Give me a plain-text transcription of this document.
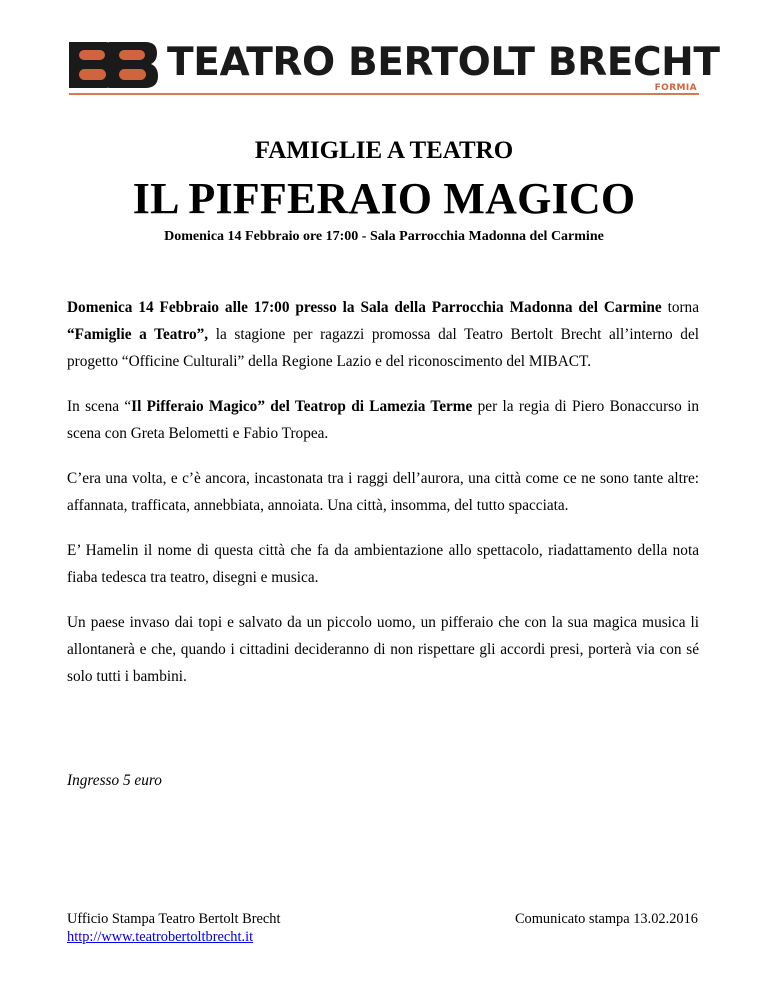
TEATRO BERTOLT BRECHT
FORMIA
FAMIGLIE A TEATRO
IL PIFFERAIO MAGICO
Domenica 14 Febbraio ore 17:00 - Sala Parrocchia Madonna del Carmine

Domenica 14 Febbraio alle 17:00 presso la Sala della Parrocchia Madonna del Carmine torna “Famiglie a Teatro”, la stagione per ragazzi promossa dal Teatro Bertolt Brecht all’interno del progetto “Officine Culturali” della Regione Lazio e del riconoscimento del MIBACT.

In scena “Il Pifferaio Magico” del Teatrop di Lamezia Terme per la regia di Piero Bonaccurso in scena con Greta Belometti e Fabio Tropea.

C’era una volta, e c’è ancora, incastonata tra i raggi dell’aurora, una città come ce ne sono tante altre: affannata, trafficata, annebbiata, annoiata. Una città, insomma, del tutto spacciata.

E’ Hamelin il nome di questa città che fa da ambientazione allo spettacolo, riadattamento della nota fiaba tedesca tra teatro, disegni e musica.

Un paese invaso dai topi e salvato da un piccolo uomo, un pifferaio che con la sua magica musica li allontanerà e che, quando i cittadini decideranno di non rispettare gli accordi presi, porterà via con sé solo tutti i bambini.

Ingresso 5 euro
Ufficio Stampa Teatro Bertolt Brecht
http://www.teatrobertoltbrecht.it
Comunicato stampa 13.02.2016
